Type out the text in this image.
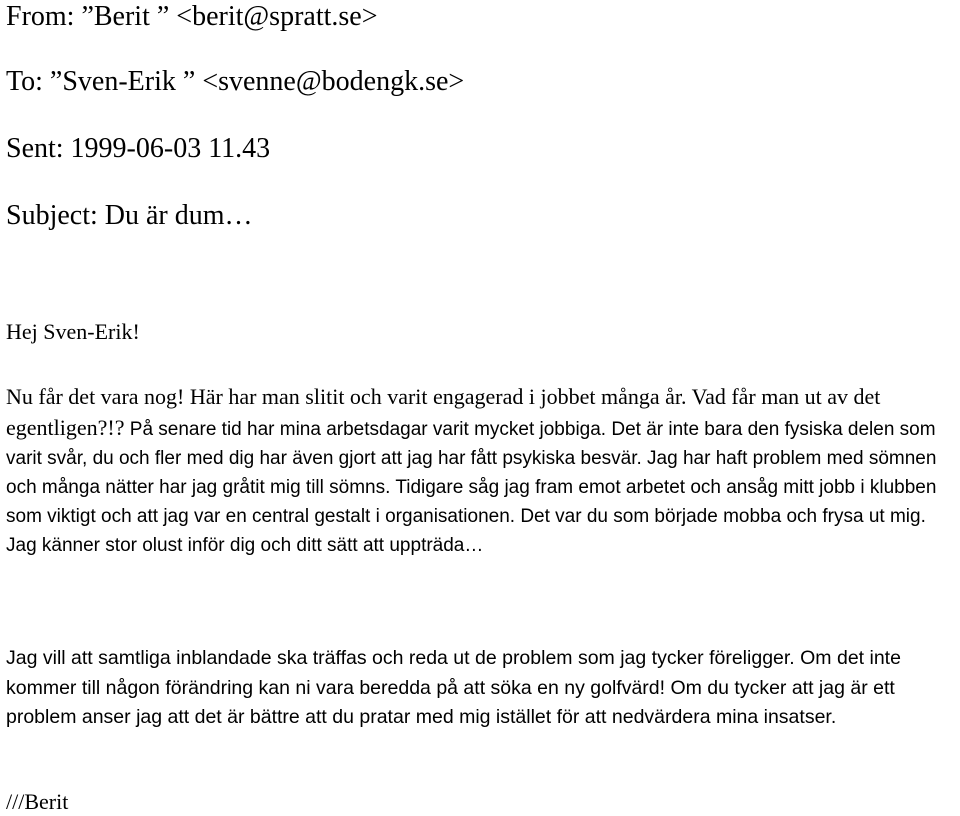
From: ”Berit ” <berit@spratt.se>
To: ”Sven-Erik ” <svenne@bodengk.se>
Sent: 1999-06-03 11.43
Subject: Du är dum…
Hej Sven-Erik!
Nu får det vara nog! Här har man slitit och varit engagerad i jobbet många år. Vad får man ut av det egentligen?!? På senare tid har mina arbetsdagar varit mycket jobbiga. Det är inte bara den fysiska delen som varit svår, du och fler med dig har även gjort att jag har fått psykiska besvär. Jag har haft problem med sömnen och många nätter har jag gråtit mig till sömns. Tidigare såg jag fram emot arbetet och ansåg mitt jobb i klubben som viktigt och att jag var en central gestalt i organisationen. Det var du som började mobba och frysa ut mig. Jag känner stor olust inför dig och ditt sätt att uppträda…
Jag vill att samtliga inblandade ska träffas och reda ut de problem som jag tycker föreligger. Om det inte kommer till någon förändring kan ni vara beredda på att söka en ny golfvärd! Om du tycker att jag är ett problem anser jag att det är bättre att du pratar med mig istället för att nedvärdera mina insatser.
///Berit
